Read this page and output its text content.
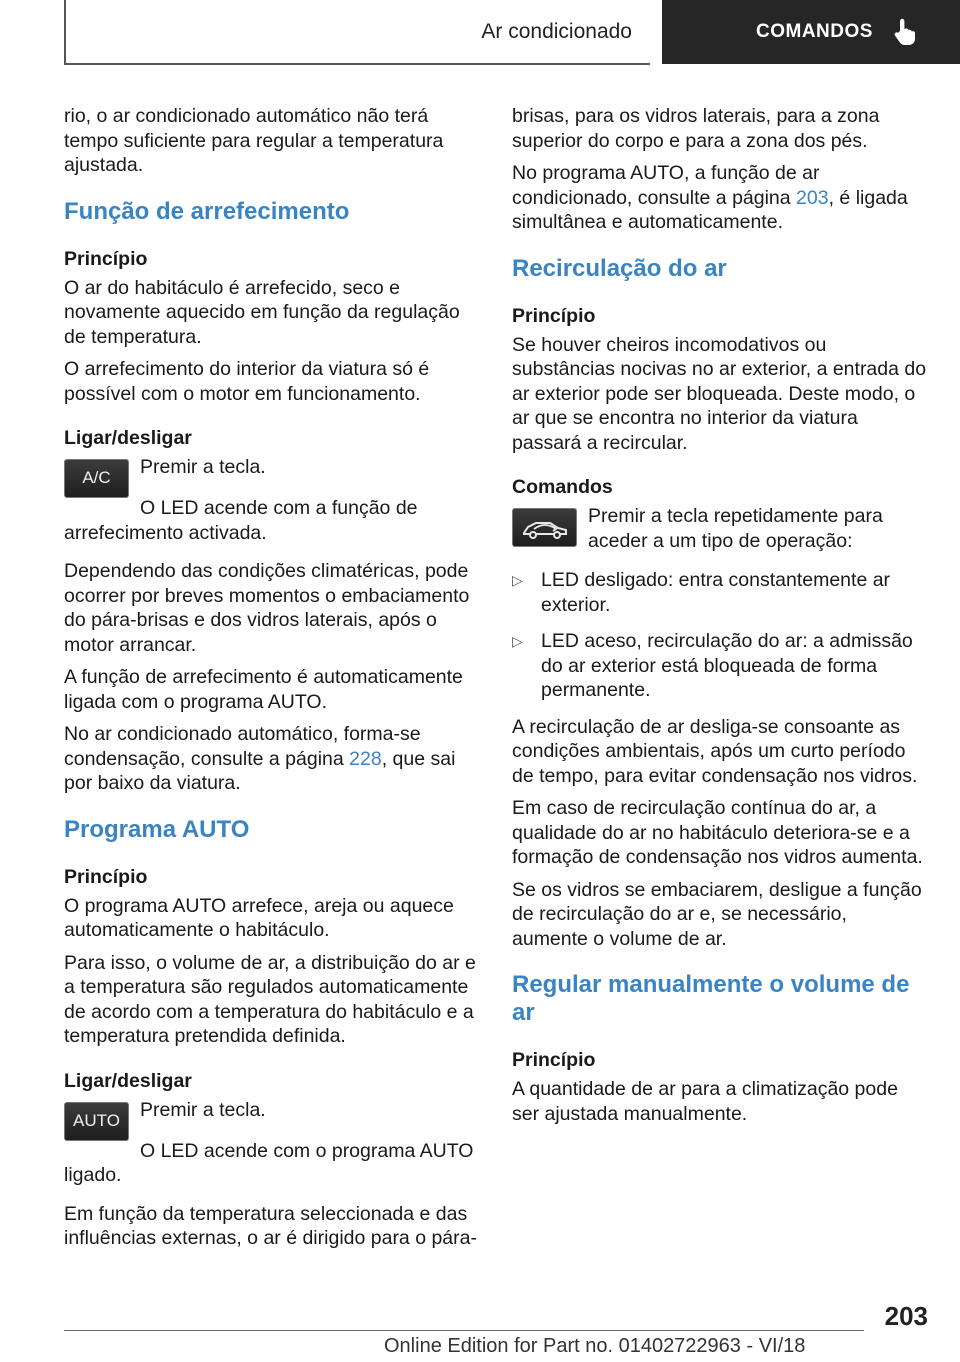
Ar condicionado	COMANDOS

rio, o ar condicionado automático não terá tempo suficiente para regular a temperatura ajustada.

Função de arrefecimento
Princípio

O ar do habitáculo é arrefecido, seco e novamente aquecido em função da regulação de temperatura.

O arrefecimento do interior da viatura só é possível com o motor em funcionamento.

Ligar/desligar
A/C	Premir a tecla.

O LED acende com a função de arrefecimento activada.

Dependendo das condições climatéricas, pode ocorrer por breves momentos o embaciamento do pára-brisas e dos vidros laterais, após o motor arrancar.

A função de arrefecimento é automaticamente ligada com o programa AUTO.

No ar condicionado automático, forma-se condensação, consulte a página 228, que sai por baixo da viatura.

Programa AUTO
Princípio

O programa AUTO arrefece, areja ou aquece automaticamente o habitáculo.

Para isso, o volume de ar, a distribuição do ar e a temperatura são regulados automaticamente de acordo com a temperatura do habitáculo e a temperatura pretendida definida.

Ligar/desligar
AUTO	Premir a tecla.

O LED acende com o programa AUTO ligado.

Em função da temperatura seleccionada e das influências externas, o ar é dirigido para o pára-

brisas, para os vidros laterais, para a zona superior do corpo e para a zona dos pés.

No programa AUTO, a função de ar condicionado, consulte a página 203, é ligada simultânea e automaticamente.

Recirculação do ar
Princípio

Se houver cheiros incomodativos ou substâncias nocivas no ar exterior, a entrada do ar exterior pode ser bloqueada. Deste modo, o ar que se encontra no interior da viatura passará a recircular.

Comandos

Premir a tecla repetidamente para aceder a um tipo de operação:

▷ LED desligado: entra constantemente ar exterior.
▷ LED aceso, recirculação do ar: a admissão do ar exterior está bloqueada de forma permanente.

A recirculação de ar desliga-se consoante as condições ambientais, após um curto período de tempo, para evitar condensação nos vidros.

Em caso de recirculação contínua do ar, a qualidade do ar no habitáculo deteriora-se e a formação de condensação nos vidros aumenta.

Se os vidros se embaciarem, desligue a função de recirculação do ar e, se necessário, aumente o volume de ar.

Regular manualmente o volume de ar
Princípio

A quantidade de ar para a climatização pode ser ajustada manualmente.

203
Online Edition for Part no. 01402722963 - VI/18
